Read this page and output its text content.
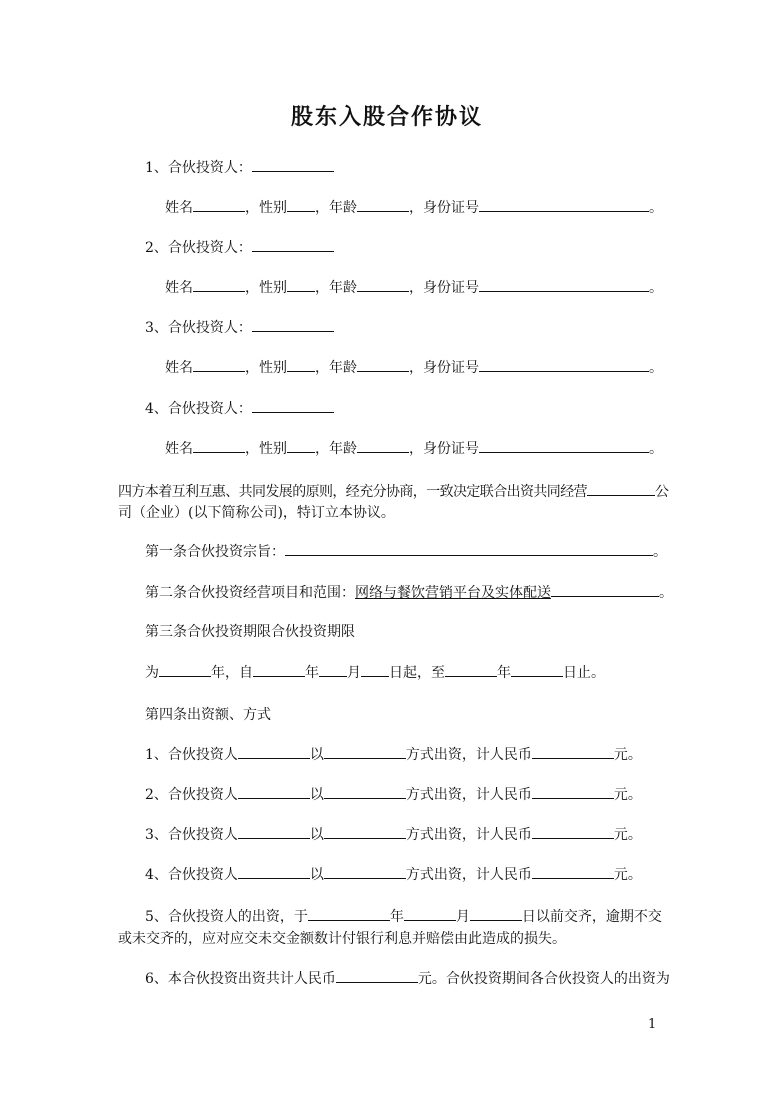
股东入股合作协议
1、合伙投资人：
姓名	，性别 ，年龄	，身份证号	。
2、合伙投资人：
姓名	，性别 ，年龄	，身份证号	。
3、合伙投资人：
姓名	，性别 ，年龄	，身份证号	。
4、合伙投资人：
姓名	，性别 ，年龄	，身份证号	。
四方本着互利互惠、共同发展的原则，经充分协商，一致决定联合出资共同经营	公
司（企业）(以下简称公司)，特订立本协议。
第一条合伙投资宗旨：	。
第二条合伙投资经营项目和范围：网络与餐饮营销平台及实体配送	。
第三条合伙投资期限合伙投资期限
为	年，自	年 月 日起，至	年	日止。
第四条出资额、方式
1、合伙投资人	以	方式出资，计人民币	元。
2、合伙投资人	以	方式出资，计人民币	元。
3、合伙投资人	以	方式出资，计人民币	元。
4、合伙投资人	以	方式出资，计人民币	元。
5、合伙投资人的出资，于	年	月	日以前交齐，逾期不交
或未交齐的，应对应交未交金额数计付银行利息并赔偿由此造成的损失。
6、本合伙投资出资共计人民币	元。合伙投资期间各合伙投资人的出资为
1
